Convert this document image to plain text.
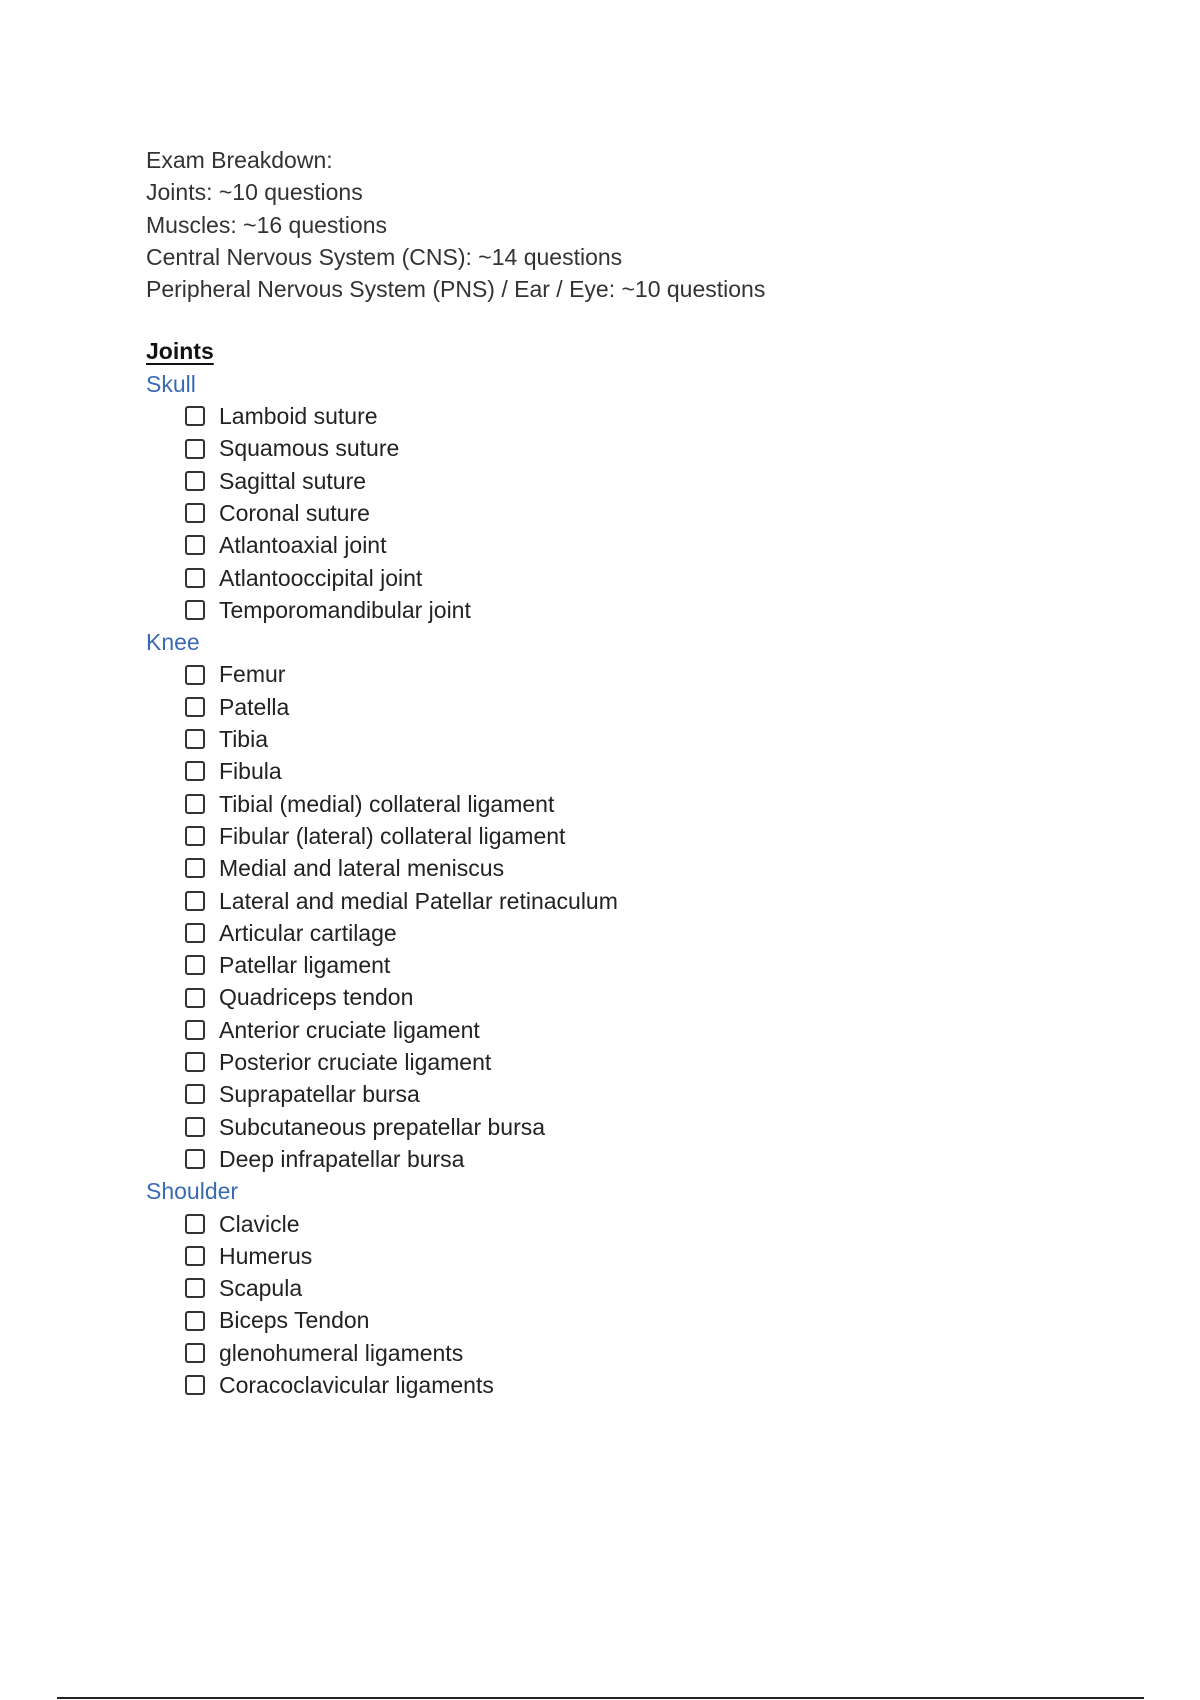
Exam Breakdown:
Joints: ~10 questions
Muscles: ~16 questions
Central Nervous System (CNS): ~14 questions
Peripheral Nervous System (PNS) / Ear / Eye: ~10 questions
Joints
Skull
Lamboid suture
Squamous suture
Sagittal suture
Coronal suture
Atlantoaxial joint
Atlantooccipital joint
Temporomandibular joint
Knee
Femur
Patella
Tibia
Fibula
Tibial (medial) collateral ligament
Fibular (lateral) collateral ligament
Medial and lateral meniscus
Lateral and medial Patellar retinaculum
Articular cartilage
Patellar ligament
Quadriceps tendon
Anterior cruciate ligament
Posterior cruciate ligament
Suprapatellar bursa
Subcutaneous prepatellar bursa
Deep infrapatellar bursa
Shoulder
Clavicle
Humerus
Scapula
Biceps Tendon
glenohumeral ligaments
Coracoclavicular ligaments
